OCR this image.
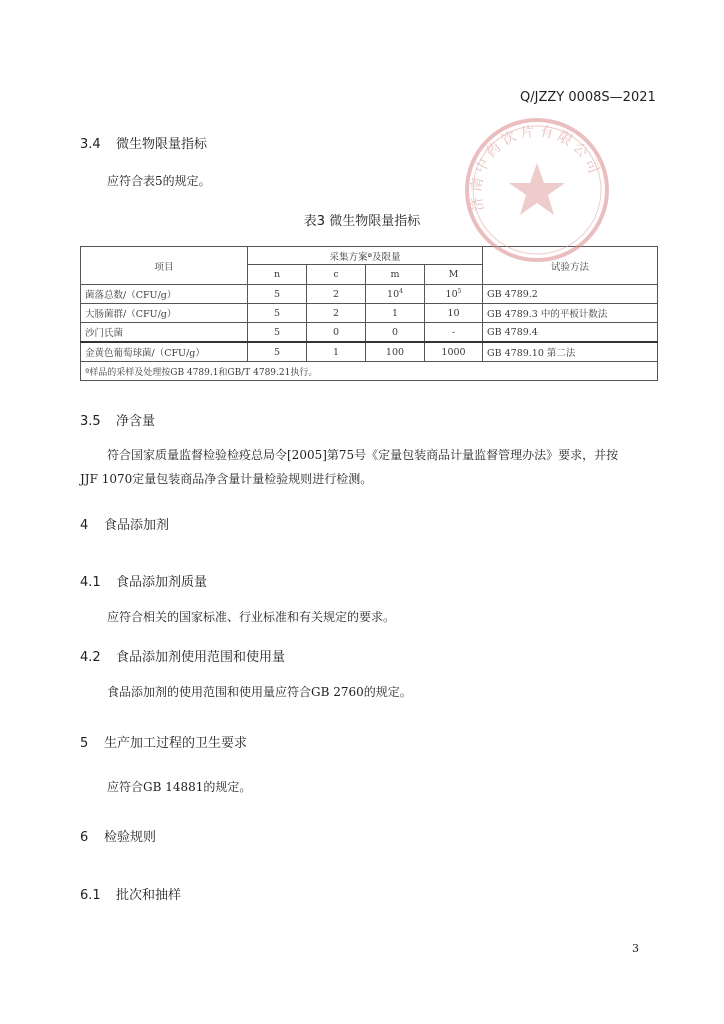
Q/JZZY 0008S—2021
3.4 微生物限量指标
应符合表5的规定。
表3 微生物限量指标
项目	采集方案ª及限量				试验方法
	n	c	m	M	
菌落总数/（CFU/g）	5	2	$10^4$	$10^5$	GB 4789.2
大肠菌群/（CFU/g）	5	2	1	10	GB 4789.3 中的平板计数法
沙门氏菌	5	0	0	-	GB 4789.4
金黄色葡萄球菌/（CFU/g）	5	1	100	1000	GB 4789.10 第二法
ª样品的采样及处理按GB 4789.1和GB/T 4789.21执行。					
济南中药饮片有限公司
3.5 净含量
符合国家质量监督检验检疫总局令[2005]第75号《定量包装商品计量监督管理办法》要求，并按
JJF 1070定量包装商品净含量计量检验规则进行检测。
4 食品添加剂
4.1 食品添加剂质量
应符合相关的国家标准、行业标准和有关规定的要求。
4.2 食品添加剂使用范围和使用量
食品添加剂的使用范围和使用量应符合GB 2760的规定。
5 生产加工过程的卫生要求
应符合GB 14881的规定。
6 检验规则
6.1 批次和抽样
3
